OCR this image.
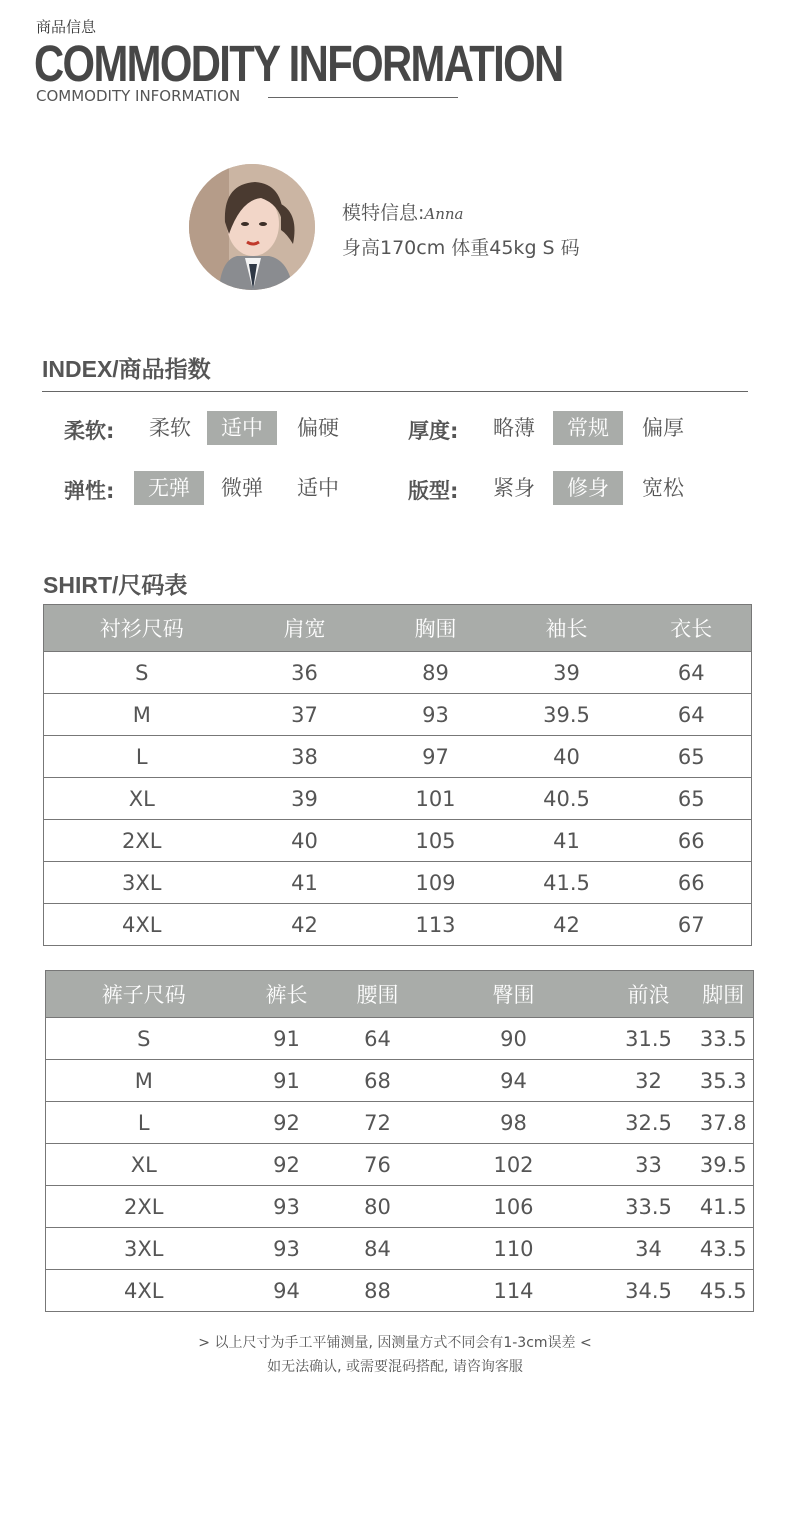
商品信息
COMMODITY INFORMATION
COMMODITY INFORMATION
模特信息:Anna
身高170cm 体重45kg S 码
INDEX/商品指数
柔软:	柔软	适中	偏硬	厚度:	略薄	常规	偏厚
弹性:	无弹	微弹	适中	版型:	紧身	修身	宽松
SHIRT/尺码表
衬衫尺码	肩宽	胸围	袖长	衣长
S	36	89	39	64
M	37	93	39.5	64
L	38	97	40	65
XL	39	101	40.5	65
2XL	40	105	41	66
3XL	41	109	41.5	66
4XL	42	113	42	67
裤子尺码	裤长	腰围	臀围	前浪	脚围
S	91	64	90	31.5	33.5
M	91	68	94	32	35.3
L	92	72	98	32.5	37.8
XL	92	76	102	33	39.5
2XL	93	80	106	33.5	41.5
3XL	93	84	110	34	43.5
4XL	94	88	114	34.5	45.5
> 以上尺寸为手工平铺测量, 因测量方式不同会有1-3cm误差 <
如无法确认, 或需要混码搭配, 请咨询客服
